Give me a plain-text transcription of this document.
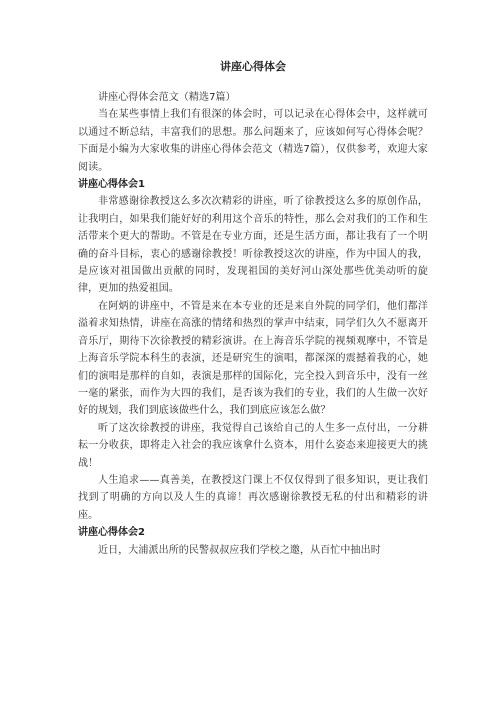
讲座心得体会

讲座心得体会范文（精选7篇）

当在某些事情上我们有很深的体会时，可以记录在心得体会中，这样就可以通过不断总结，丰富我们的思想。那么问题来了，应该如何写心得体会呢？下面是小编为大家收集的讲座心得体会范文（精选7篇），仅供参考，欢迎大家阅读。

讲座心得体会1

非常感谢徐教授这么多次次精彩的讲座，听了徐教授这么多的原创作品，让我明白，如果我们能好好的利用这个音乐的特性，那么会对我们的工作和生活带来个更大的帮助。不管是在专业方面，还是生活方面，都让我有了一个明确的奋斗目标，衷心的感谢徐教授！听徐教授这次的讲座，作为中国人的我，是应该对祖国做出贡献的同时，发现祖国的美好河山深处那些优美动听的旋律，更加的热爱祖国。

在阿炳的讲座中，不管是来在本专业的还是来自外院的同学们，他们都洋溢着求知热情，讲座在高涨的情绪和热烈的掌声中结束，同学们久久不愿离开音乐厅，期待下次徐教授的精彩演讲。在上海音乐学院的视频观摩中，不管是上海音乐学院本科生的表演，还是研究生的演唱，都深深的震撼着我的心，她们的演唱是那样的自如，表演是那样的国际化，完全投入到音乐中，没有一丝一毫的紧张，而作为大四的我们，是否该为我们的专业，我们的人生做一次好好的规划，我们到底该做些什么，我们到底应该怎么做？

听了这次徐教授的讲座，我觉得自己该给自己的人生多一点付出，一分耕耘一分收获，即将走入社会的我应该拿什么资本，用什么姿态来迎接更大的挑战！

人生追求——真善美，在教授这门课上不仅仅得到了很多知识，更让我们找到了明确的方向以及人生的真谛！再次感谢徐教授无私的付出和精彩的讲座。

讲座心得体会2

近日，大浦派出所的民警叔叔应我们学校之邀，从百忙中抽出时
